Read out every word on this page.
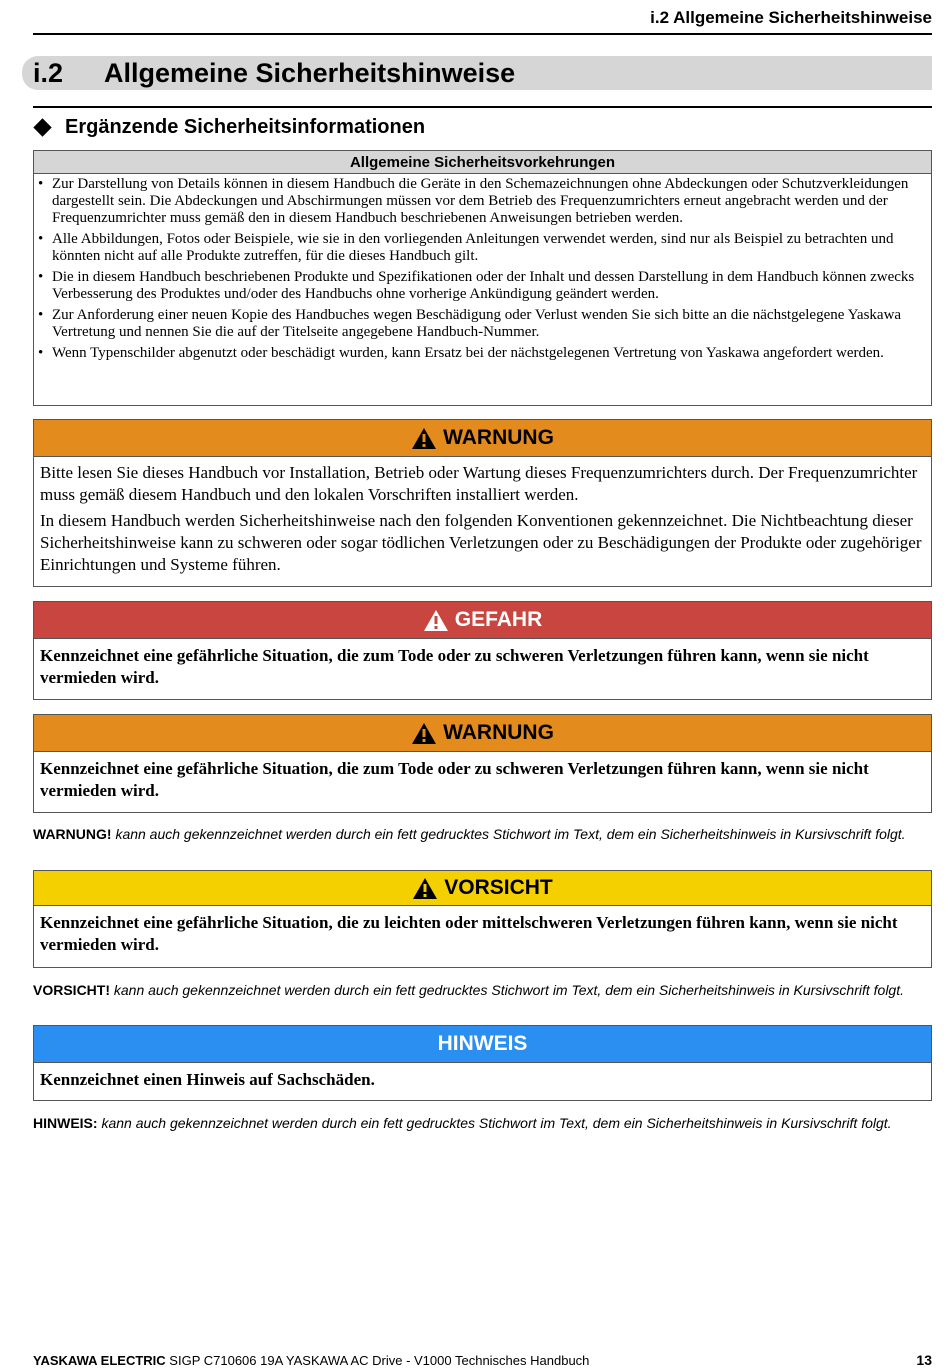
i.2 Allgemeine Sicherheitshinweise
i.2 Allgemeine Sicherheitshinweise
Ergänzende Sicherheitsinformationen
Allgemeine Sicherheitsvorkehrungen
• Zur Darstellung von Details können in diesem Handbuch die Geräte in den Schemazeichnungen ohne Abdeckungen oder Schutzverkleidungen dargestellt sein. Die Abdeckungen und Abschirmungen müssen vor dem Betrieb des Frequenzumrichters erneut angebracht werden und der Frequenzumrichter muss gemäß den in diesem Handbuch beschriebenen Anweisungen betrieben werden.
• Alle Abbildungen, Fotos oder Beispiele, wie sie in den vorliegenden Anleitungen verwendet werden, sind nur als Beispiel zu betrachten und könnten nicht auf alle Produkte zutreffen, für die dieses Handbuch gilt.
• Die in diesem Handbuch beschriebenen Produkte und Spezifikationen oder der Inhalt und dessen Darstellung in dem Handbuch können zwecks Verbesserung des Produktes und/oder des Handbuchs ohne vorherige Ankündigung geändert werden.
• Zur Anforderung einer neuen Kopie des Handbuches wegen Beschädigung oder Verlust wenden Sie sich bitte an die nächstgelegene Yaskawa Vertretung und nennen Sie die auf der Titelseite angegebene Handbuch-Nummer.
• Wenn Typenschilder abgenutzt oder beschädigt wurden, kann Ersatz bei der nächstgelegenen Vertretung von Yaskawa angefordert werden.
WARNUNG

Bitte lesen Sie dieses Handbuch vor Installation, Betrieb oder Wartung dieses Frequenzumrichters durch. Der Frequenzumrichter muss gemäß diesem Handbuch und den lokalen Vorschriften installiert werden.

In diesem Handbuch werden Sicherheitshinweise nach den folgenden Konventionen gekennzeichnet. Die Nichtbeachtung dieser Sicherheitshinweise kann zu schweren oder sogar tödlichen Verletzungen oder zu Beschädigungen der Produkte oder zugehöriger Einrichtungen und Systeme führen.

GEFAHR
Kennzeichnet eine gefährliche Situation, die zum Tode oder zu schweren Verletzungen führen kann, wenn sie nicht vermieden wird.
WARNUNG
Kennzeichnet eine gefährliche Situation, die zum Tode oder zu schweren Verletzungen führen kann, wenn sie nicht vermieden wird.
WARNUNG! kann auch gekennzeichnet werden durch ein fett gedrucktes Stichwort im Text, dem ein Sicherheitshinweis in Kursivschrift folgt.
VORSICHT
Kennzeichnet eine gefährliche Situation, die zu leichten oder mittelschweren Verletzungen führen kann, wenn sie nicht vermieden wird.
VORSICHT! kann auch gekennzeichnet werden durch ein fett gedrucktes Stichwort im Text, dem ein Sicherheitshinweis in Kursivschrift folgt.
HINWEIS
Kennzeichnet einen Hinweis auf Sachschäden.
HINWEIS: kann auch gekennzeichnet werden durch ein fett gedrucktes Stichwort im Text, dem ein Sicherheitshinweis in Kursivschrift folgt.
YASKAWA ELECTRIC SIGP C710606 19A YASKAWA AC Drive - V1000 Technisches Handbuch	13
